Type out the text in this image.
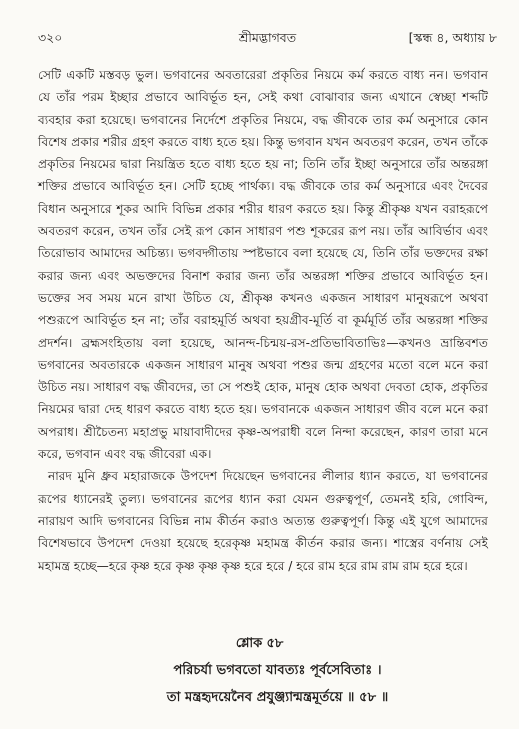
৩২০	শ্রীমদ্ভাগবত	[স্কন্ধ ৪, অধ্যায় ৮

সেটি একটি মস্তবড় ভুল। ভগবানের অবতারেরা প্রকৃতির নিয়মে কর্ম করতে বাধ্য নন। ভগবান যে তাঁর পরম ইচ্ছার প্রভাবে আবির্ভূত হন, সেই কথা বোঝাবার জন্য এখানে স্বেচ্ছা শব্দটি ব্যবহার করা হয়েছে। ভগবানের নির্দেশে প্রকৃতির নিয়মে, বদ্ধ জীবকে তার কর্ম অনুসারে কোন বিশেষ প্রকার শরীর গ্রহণ করতে বাধ্য হতে হয়। কিন্তু ভগবান যখন অবতরণ করেন, তখন তাঁকে প্রকৃতির নিয়মের দ্বারা নিয়ন্ত্রিত হতে বাধ্য হতে হয় না; তিনি তাঁর ইচ্ছা অনুসারে তাঁর অন্তরঙ্গা শক্তির প্রভাবে আবির্ভূত হন। সেটি হচ্ছে পার্থক্য। বদ্ধ জীবকে তার কর্ম অনুসারে এবং দৈবের বিধান অনুসারে শূকর আদি বিভিন্ন প্রকার শরীর ধারণ করতে হয়। কিন্তু শ্রীকৃষ্ণ যখন বরাহরূপে অবতরণ করেন, তখন তাঁর সেই রূপ কোন সাধারণ পশু শূকরের রূপ নয়। তাঁর আবির্ভাব এবং তিরোভাব আমাদের অচিন্ত্য। ভগবদ্গীতায় স্পষ্টভাবে বলা হয়েছে যে, তিনি তাঁর ভক্তদের রক্ষা করার জন্য এবং অভক্তদের বিনাশ করার জন্য তাঁর অন্তরঙ্গা শক্তির প্রভাবে আবির্ভূত হন। ভক্তের সব সময় মনে রাখা উচিত যে, শ্রীকৃষ্ণ কখনও একজন সাধারণ মানুষরূপে অথবা পশুরূপে আবির্ভূত হন না; তাঁর বরাহমূর্তি অথবা হয়গ্রীব-মূর্তি বা কূর্মমূর্তি তাঁর অন্তরঙ্গা শক্তির প্রদর্শন। ব্রহ্মসংহিতায় বলা হয়েছে, আনন্দ-চিন্ময়-রস-প্রতিভাবিতাভিঃ—কখনও ভ্রান্তিবশত ভগবানের অবতারকে একজন সাধারণ মানুষ অথবা পশুর জন্ম গ্রহণের মতো বলে মনে করা উচিত নয়। সাধারণ বদ্ধ জীবদের, তা সে পশুই হোক, মানুষ হোক অথবা দেবতা হোক, প্রকৃতির নিয়মের দ্বারা দেহ ধারণ করতে বাধ্য হতে হয়। ভগবানকে একজন সাধারণ জীব বলে মনে করা অপরাধ। শ্রীচৈতন্য মহাপ্রভু মায়াবাদীদের কৃষ্ণ-অপরাধী বলে নিন্দা করেছেন, কারণ তারা মনে করে, ভগবান এবং বদ্ধ জীবেরা এক।

নারদ মুনি ধ্রুব মহারাজকে উপদেশ দিয়েছেন ভগবানের লীলার ধ্যান করতে, যা ভগবানের রূপের ধ্যানেরই তুল্য। ভগবানের রূপের ধ্যান করা যেমন গুরুত্বপূর্ণ, তেমনই হরি, গোবিন্দ, নারায়ণ আদি ভগবানের বিভিন্ন নাম কীর্তন করাও অত্যন্ত গুরুত্বপূর্ণ। কিন্তু এই যুগে আমাদের বিশেষভাবে উপদেশ দেওয়া হয়েছে হরেকৃষ্ণ মহামন্ত্র কীর্তন করার জন্য। শাস্ত্রের বর্ণনায় সেই মহামন্ত্র হচ্ছে—হরে কৃষ্ণ হরে কৃষ্ণ কৃষ্ণ কৃষ্ণ হরে হরে / হরে রাম হরে রাম রাম রাম হরে হরে।

শ্লোক ৫৮
পরিচর্যা ভগবতো যাবত্যঃ পূর্বসেবিতাঃ ।
তা মন্ত্রহৃদয়েনৈব প্রযুঞ্জ্যান্মন্ত্রমূর্তয়ে ॥ ৫৮ ॥
